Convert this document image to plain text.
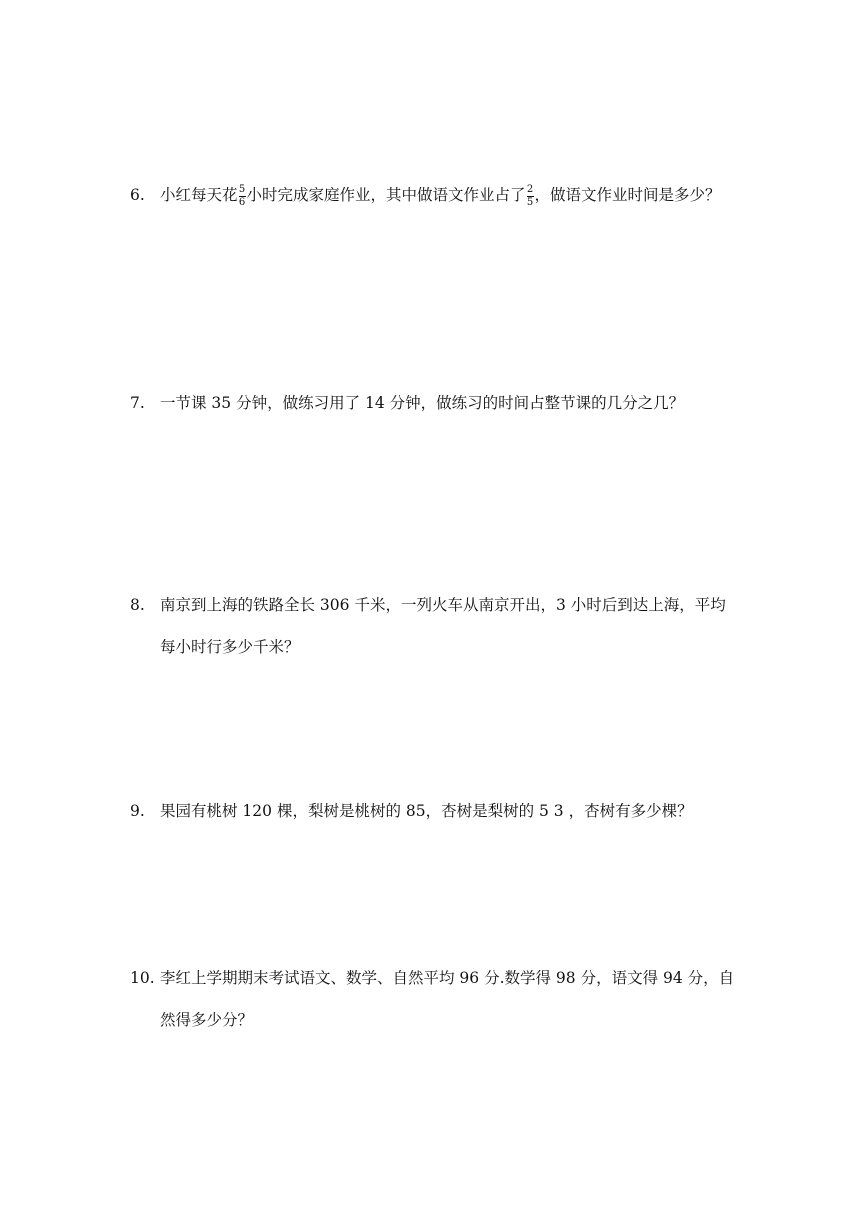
6. 小红每天花 $\frac{5}{6}$ 小时完成家庭作业，其中做语文作业占了 $\frac{2}{5}$ ，做语文作业时间是多少？
7. 一节课 35 分钟，做练习用了 14 分钟，做练习的时间占整节课的几分之几？
8. 南京到上海的铁路全长 306 千米，一列火车从南京开出，3 小时后到达上海，平均每小时行多少千米？
9. 果园有桃树 120 棵，梨树是桃树的 85，杏树是梨树的 5 3 ，杏树有多少棵？
10. 李红上学期期末考试语文、数学、自然平均 96 分.数学得 98 分，语文得 94 分，自然得多少分？
